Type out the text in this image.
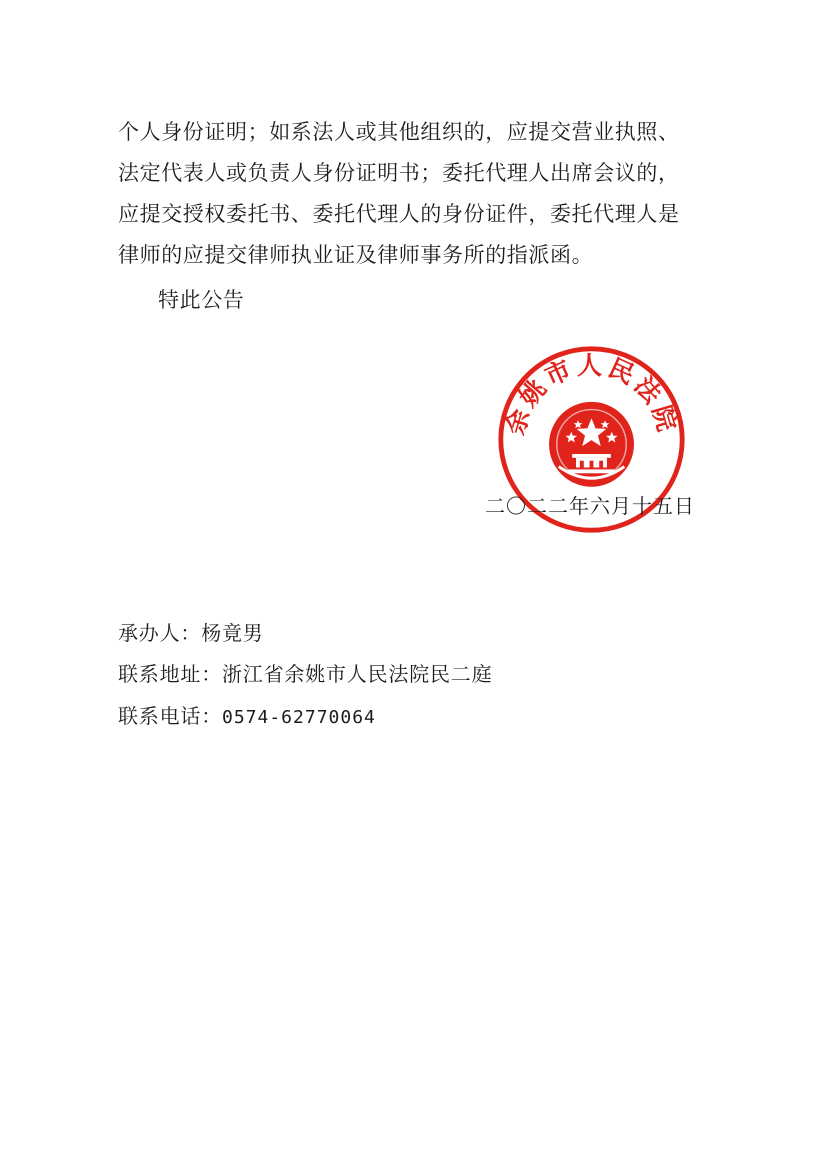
个人身份证明；如系法人或其他组织的，应提交营业执照、
法定代表人或负责人身份证明书；委托代理人出席会议的，
应提交授权委托书、委托代理人的身份证件，委托代理人是
律师的应提交律师执业证及律师事务所的指派函。
特此公告
余姚市人民法院
二〇二二年六月十五日
承办人：杨竟男
联系地址：浙江省余姚市人民法院民二庭
联系电话：0574-62770064
